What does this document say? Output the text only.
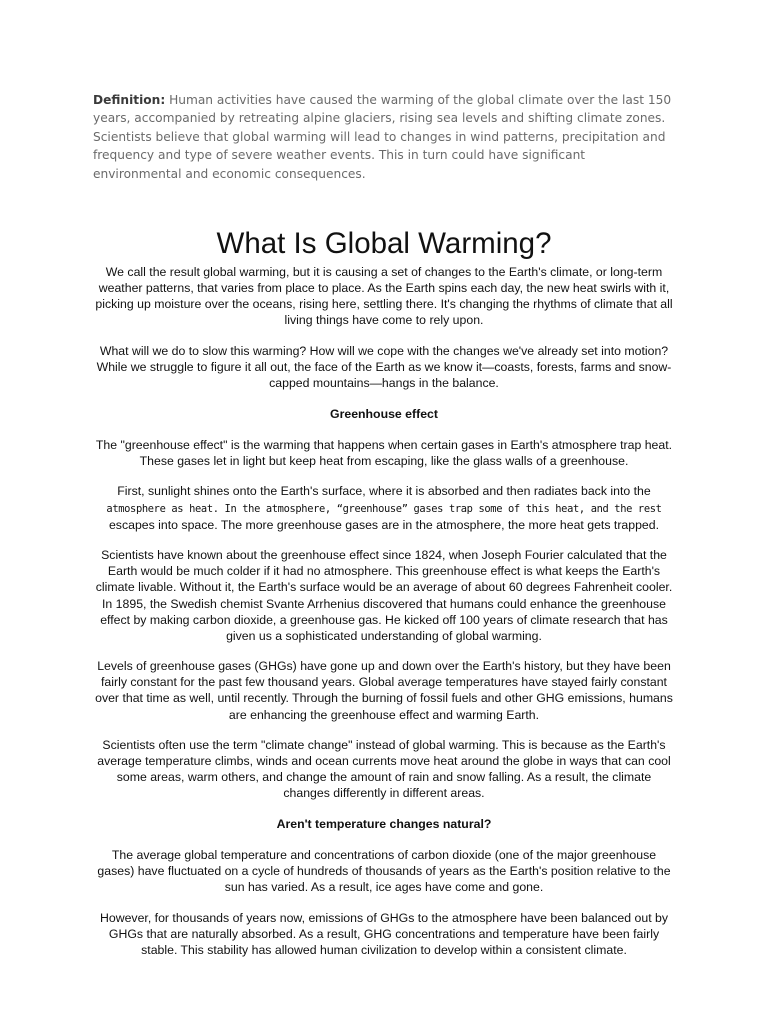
Definition: Human activities have caused the warming of the global climate over the last 150 years, accompanied by retreating alpine glaciers, rising sea levels and shifting climate zones. Scientists believe that global warming will lead to changes in wind patterns, precipitation and frequency and type of severe weather events. This in turn could have significant environmental and economic consequences.

What Is Global Warming?

We call the result global warming, but it is causing a set of changes to the Earth's climate, or long-term weather patterns, that varies from place to place. As the Earth spins each day, the new heat swirls with it, picking up moisture over the oceans, rising here, settling there. It's changing the rhythms of climate that all living things have come to rely upon.

What will we do to slow this warming? How will we cope with the changes we've already set into motion? While we struggle to figure it all out, the face of the Earth as we know it—coasts, forests, farms and snow-capped mountains—hangs in the balance.

Greenhouse effect

The "greenhouse effect" is the warming that happens when certain gases in Earth's atmosphere trap heat. These gases let in light but keep heat from escaping, like the glass walls of a greenhouse.

First, sunlight shines onto the Earth's surface, where it is absorbed and then radiates back into the atmosphere as heat. In the atmosphere, “greenhouse” gases trap some of this heat, and the rest escapes into space. The more greenhouse gases are in the atmosphere, the more heat gets trapped.

Scientists have known about the greenhouse effect since 1824, when Joseph Fourier calculated that the Earth would be much colder if it had no atmosphere. This greenhouse effect is what keeps the Earth's climate livable. Without it, the Earth's surface would be an average of about 60 degrees Fahrenheit cooler. In 1895, the Swedish chemist Svante Arrhenius discovered that humans could enhance the greenhouse effect by making carbon dioxide, a greenhouse gas. He kicked off 100 years of climate research that has given us a sophisticated understanding of global warming.

Levels of greenhouse gases (GHGs) have gone up and down over the Earth's history, but they have been fairly constant for the past few thousand years. Global average temperatures have stayed fairly constant over that time as well, until recently. Through the burning of fossil fuels and other GHG emissions, humans are enhancing the greenhouse effect and warming Earth.

Scientists often use the term "climate change" instead of global warming. This is because as the Earth's average temperature climbs, winds and ocean currents move heat around the globe in ways that can cool some areas, warm others, and change the amount of rain and snow falling. As a result, the climate changes differently in different areas.

Aren't temperature changes natural?

The average global temperature and concentrations of carbon dioxide (one of the major greenhouse gases) have fluctuated on a cycle of hundreds of thousands of years as the Earth's position relative to the sun has varied. As a result, ice ages have come and gone.

However, for thousands of years now, emissions of GHGs to the atmosphere have been balanced out by GHGs that are naturally absorbed. As a result, GHG concentrations and temperature have been fairly stable. This stability has allowed human civilization to develop within a consistent climate.
